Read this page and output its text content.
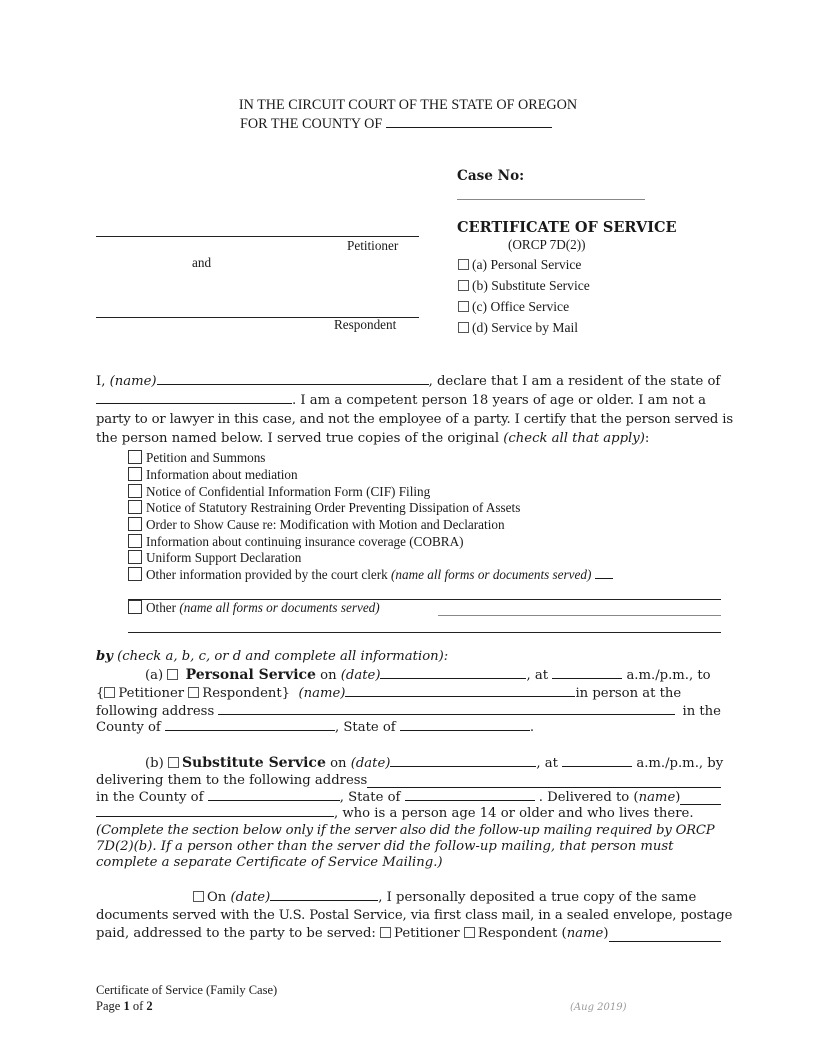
IN THE CIRCUIT COURT OF THE STATE OF OREGON
FOR THE COUNTY OF
Petitioner
and
Respondent
Case No:
CERTIFICATE OF SERVICE
(ORCP 7D(2))
(a) Personal Service
(b) Substitute Service
(c) Office Service
(d) Service by Mail
I, (name)	, declare that I am a resident of the state of
. I am a competent person 18 years of age or older. I am not a
party to or lawyer in this case, and not the employee of a party. I certify that the person served is
the person named below. I served true copies of the original (check all that apply):
Petition and Summons
Information about mediation
Notice of Confidential Information Form (CIF) Filing
Notice of Statutory Restraining Order Preventing Dissipation of Assets
Order to Show Cause re: Modification with Motion and Declaration
Information about continuing insurance coverage (COBRA)
Uniform Support Declaration
Other information provided by the court clerk (name all forms or documents served)
Other (name all forms or documents served)
by (check a, b, c, or d and complete all information):
(a) Personal Service on (date)	, at	a.m./p.m., to
{ Petitioner Respondent} (name)	in person at the
following address	in the
County of	, State of	.
(b) Substitute Service on (date)	, at	a.m./p.m., by
delivering them to the following address
in the County of	, State of	. Delivered to (name)
, who is a person age 14 or older and who lives there.
(Complete the section below only if the server also did the follow-up mailing required by ORCP
7D(2)(b). If a person other than the server did the follow-up mailing, that person must
complete a separate Certificate of Service Mailing.)
On (date)	, I personally deposited a true copy of the same
documents served with the U.S. Postal Service, via first class mail, in a sealed envelope, postage
paid, addressed to the party to be served: Petitioner Respondent (name)
Certificate of Service (Family Case)
Page 1 of 2	(Aug 2019)
